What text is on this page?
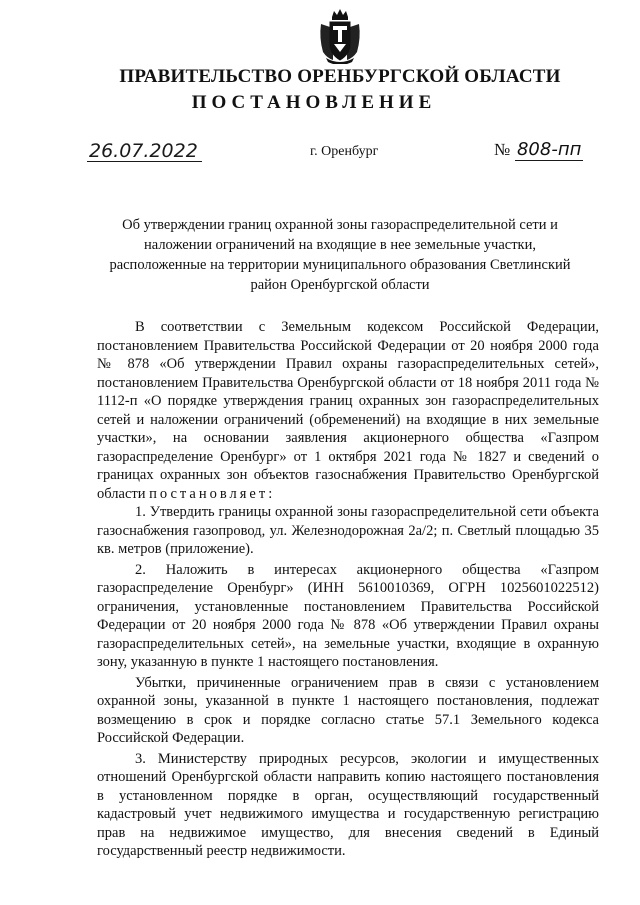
ПРАВИТЕЛЬСТВО ОРЕНБУРГСКОЙ ОБЛАСТИ
ПОСТАНОВЛЕНИЕ
26.07.2022	г. Оренбург	№ 808-пп
Об утверждении границ охранной зоны газораспределительной сети и наложении ограничений на входящие в нее земельные участки, расположенные на территории муниципального образования Светлинский район Оренбургской области

В соответствии с Земельным кодексом Российской Федерации, постановлением Правительства Российской Федерации от 20 ноября 2000 года № 878 «Об утверждении Правил охраны газораспределительных сетей», постановлением Правительства Оренбургской области от 18 ноября 2011 года № 1112-п «О порядке утверждения границ охранных зон газораспределительных сетей и наложении ограничений (обременений) на входящие в них земельные участки», на основании заявления акционерного общества «Газпром газораспределение Оренбург» от 1 октября 2021 года № 1827 и сведений о границах охранных зон объектов газоснабжения Правительство Оренбургской области постановляет:

1. Утвердить границы охранной зоны газораспределительной сети объекта газоснабжения газопровод, ул. Железнодорожная 2а/2; п. Светлый площадью 35 кв. метров (приложение).

2. Наложить в интересах акционерного общества «Газпром газораспределение Оренбург» (ИНН 5610010369, ОГРН 1025601022512) ограничения, установленные постановлением Правительства Российской Федерации от 20 ноября 2000 года № 878 «Об утверждении Правил охраны газораспределительных сетей», на земельные участки, входящие в охранную зону, указанную в пункте 1 настоящего постановления.

Убытки, причиненные ограничением прав в связи с установлением охранной зоны, указанной в пункте 1 настоящего постановления, подлежат возмещению в срок и порядке согласно статье 57.1 Земельного кодекса Российской Федерации.

3. Министерству природных ресурсов, экологии и имущественных отношений Оренбургской области направить копию настоящего постановления в установленном порядке в орган, осуществляющий государственный кадастровый учет недвижимого имущества и государственную регистрацию прав на недвижимое имущество, для внесения сведений в Единый государственный реестр недвижимости.
